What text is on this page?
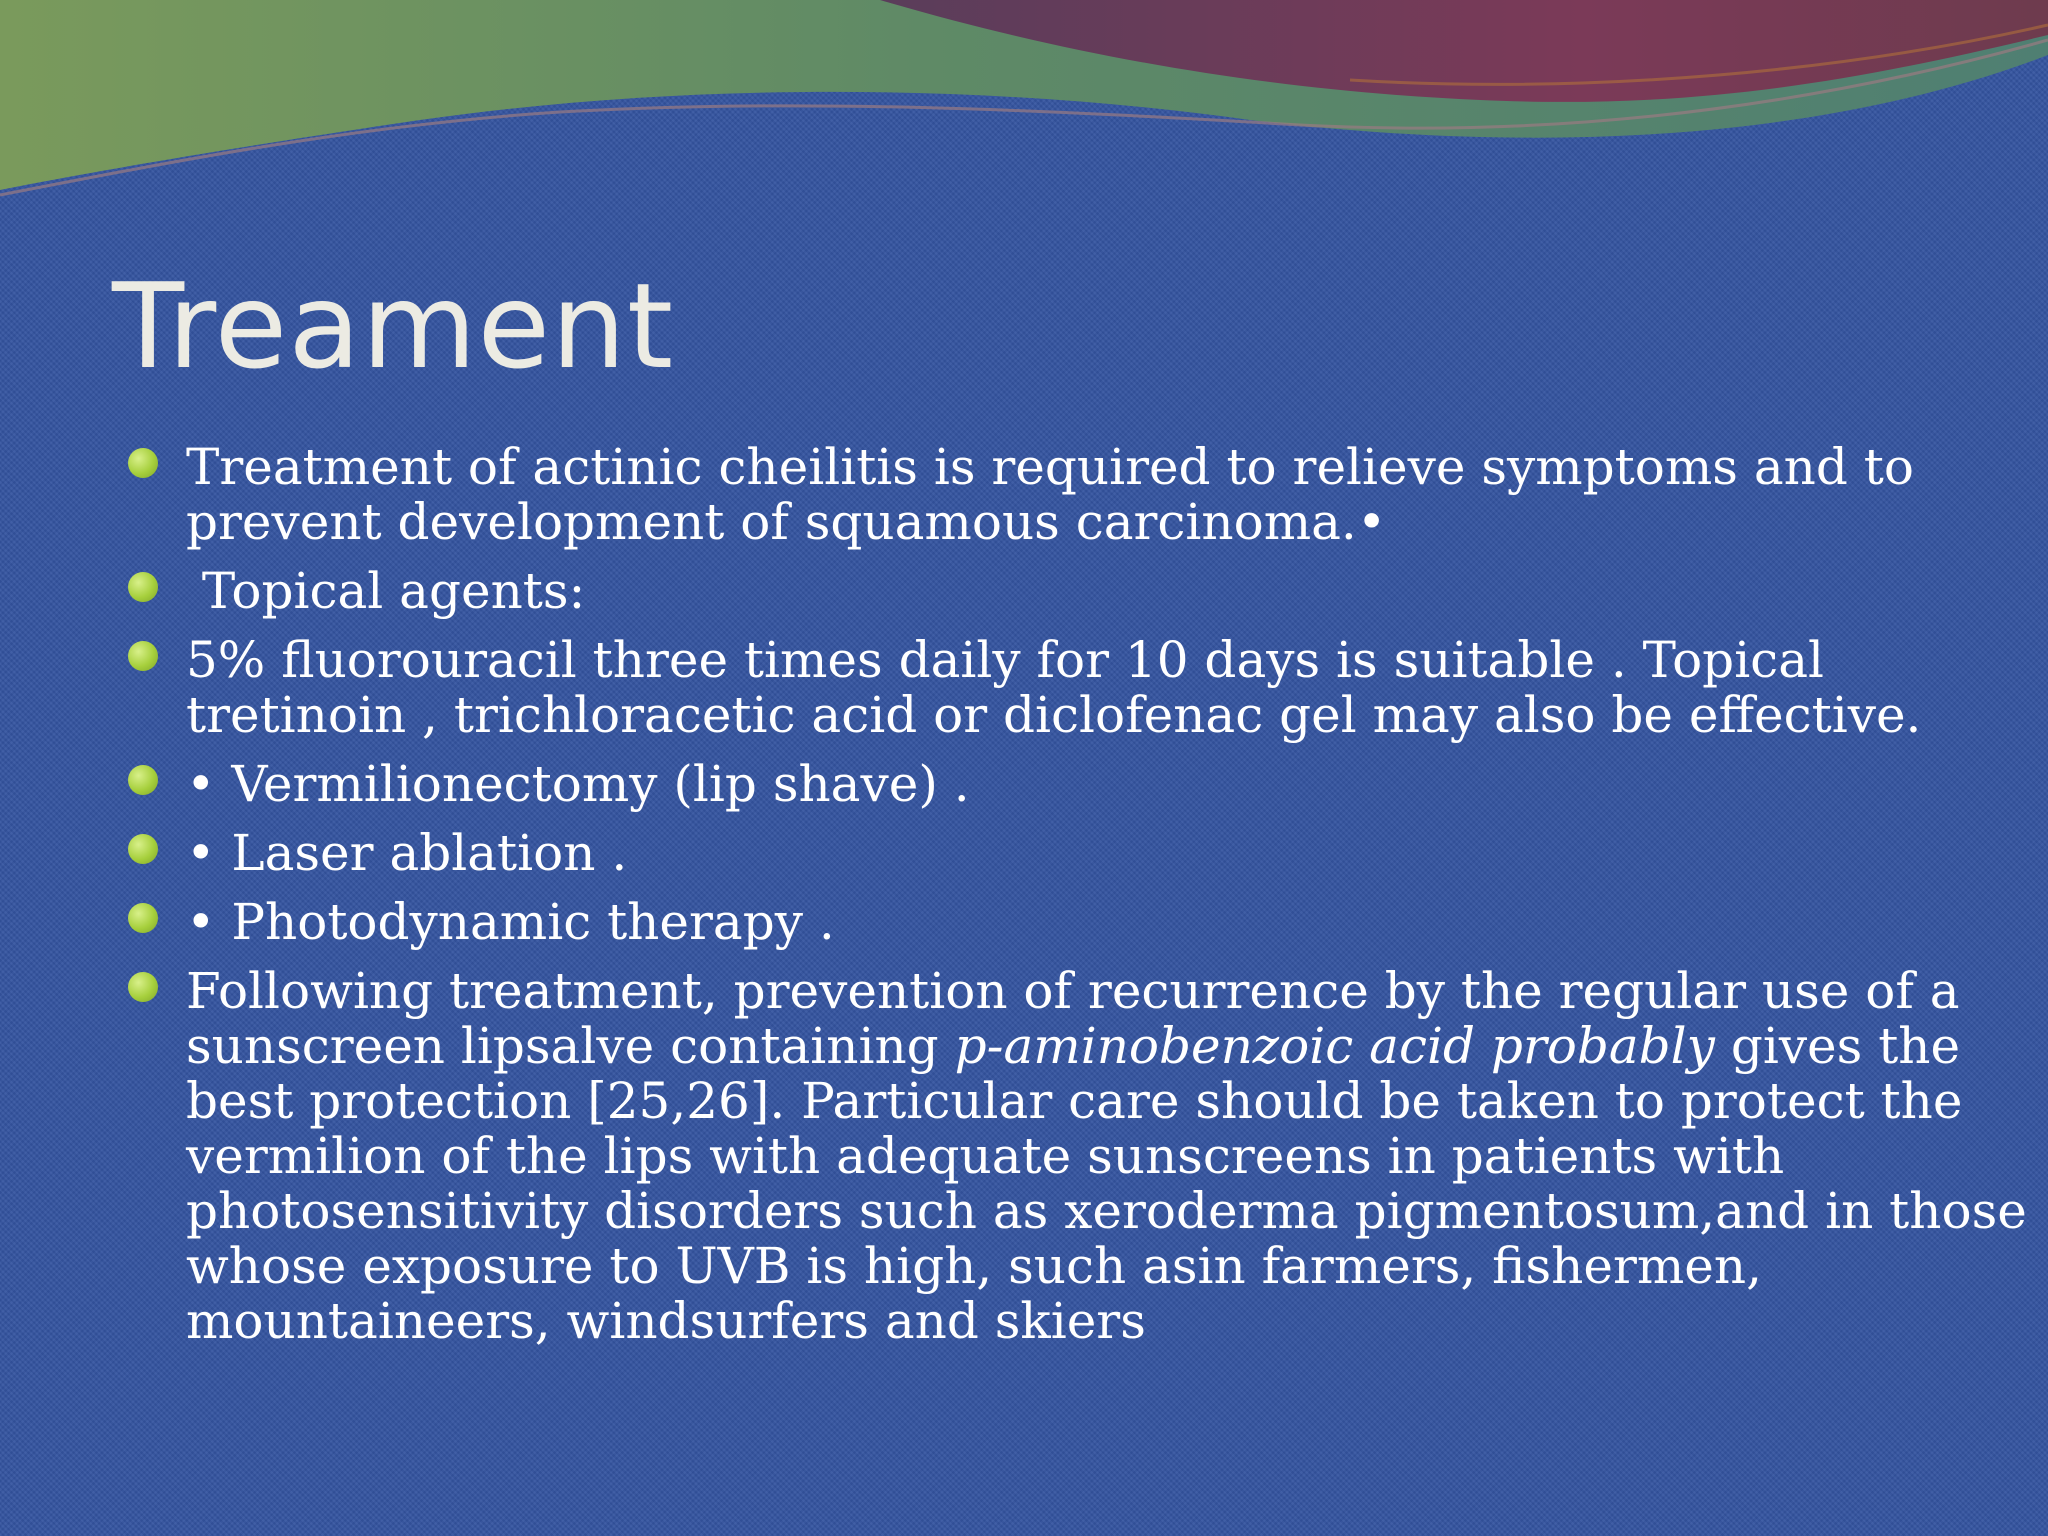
Treament
Treatment of actinic cheilitis is required to relieve symptoms and to prevent development of squamous carcinoma.•
Topical agents:
5% fluorouracil three times daily for 10 days is suitable . Topical tretinoin , trichloracetic acid or diclofenac gel may also be effective.
• Vermilionectomy (lip shave) .
• Laser ablation .
• Photodynamic therapy .
Following treatment, prevention of recurrence by the regular use of a sunscreen lipsalve containing p-aminobenzoic acid probably gives the best protection [25,26]. Particular care should be taken to protect the vermilion of the lips with adequate sunscreens in patients with photosensitivity disorders such as xeroderma pigmentosum,and in those whose exposure to UVB is high, such asin farmers, fishermen, mountaineers, windsurfers and skiers
